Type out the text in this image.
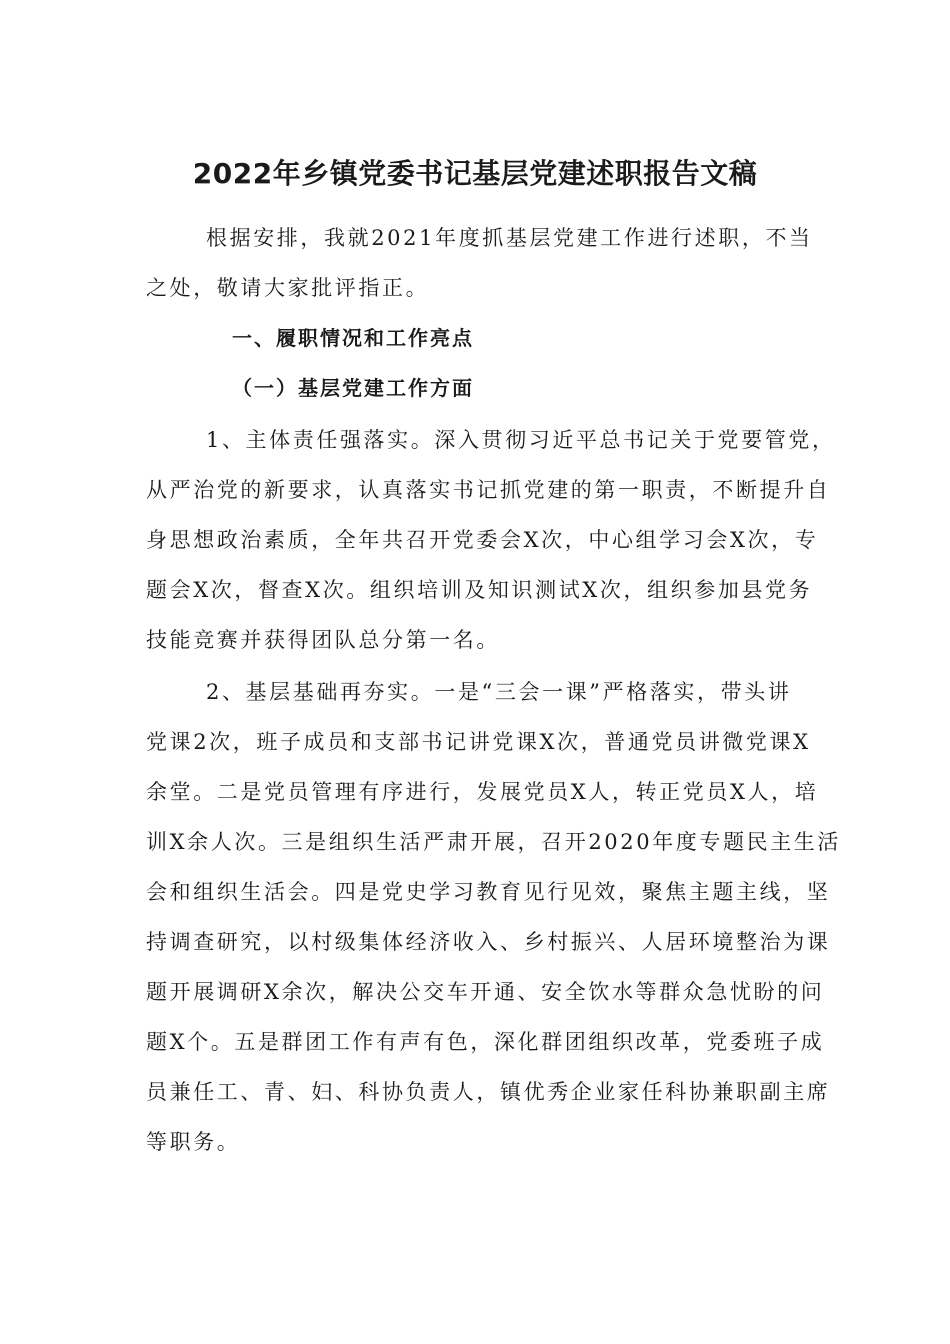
2022年乡镇党委书记基层党建述职报告文稿

根据安排，我就2021年度抓基层党建工作进行述职，不当

之处，敬请大家批评指正。

一、履职情况和工作亮点

（一）基层党建工作方面

1、主体责任强落实。深入贯彻习近平总书记关于党要管党，

从严治党的新要求，认真落实书记抓党建的第一职责，不断提升自

身思想政治素质，全年共召开党委会X次，中心组学习会X次，专

题会X次，督查X次。组织培训及知识测试X次，组织参加县党务

技能竞赛并获得团队总分第一名。

2、基层基础再夯实。一是“三会一课”严格落实，带头讲

党课2次，班子成员和支部书记讲党课X次，普通党员讲微党课X

余堂。二是党员管理有序进行，发展党员X人，转正党员X人，培

训X余人次。三是组织生活严肃开展，召开2020年度专题民主生活

会和组织生活会。四是党史学习教育见行见效，聚焦主题主线，坚

持调查研究，以村级集体经济收入、乡村振兴、人居环境整治为课

题开展调研X余次，解决公交车开通、安全饮水等群众急忧盼的问

题X个。五是群团工作有声有色，深化群团组织改革，党委班子成

员兼任工、青、妇、科协负责人，镇优秀企业家任科协兼职副主席

等职务。
